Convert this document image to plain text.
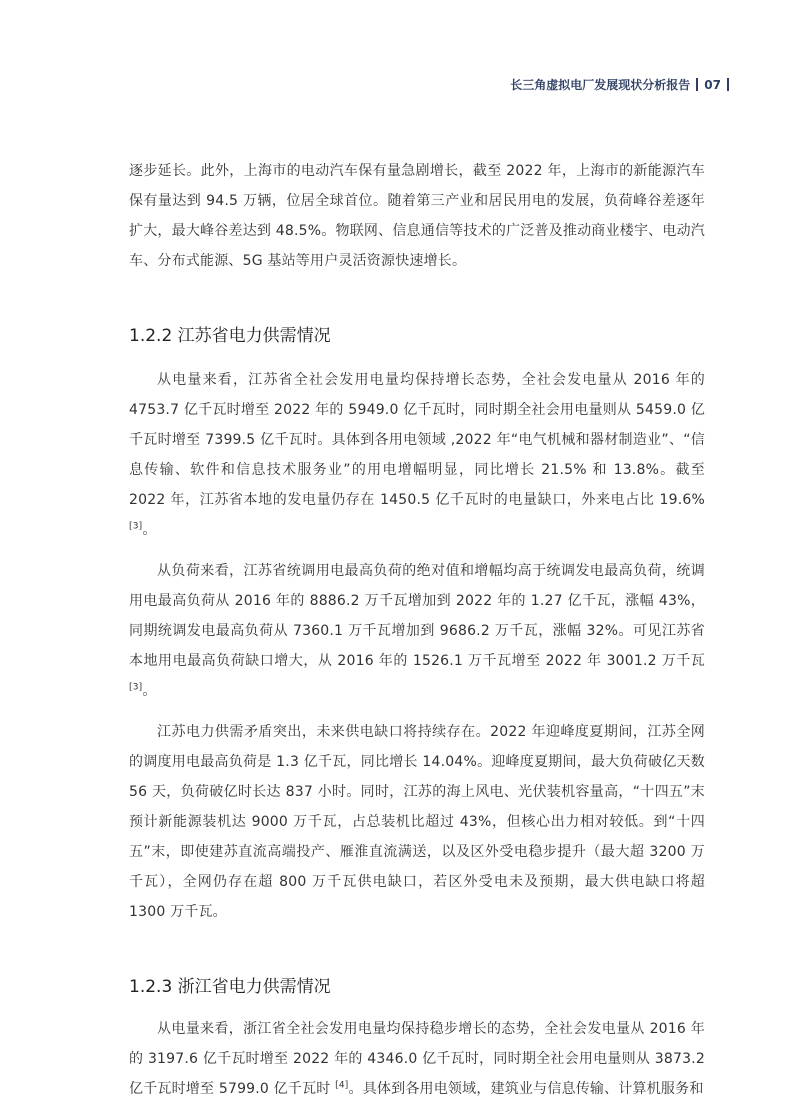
长三角虚拟电厂发展现状分析报告 07

逐步延长。此外，上海市的电动汽车保有量急剧增长，截至 2022 年，上海市的新能源汽车保有量达到 94.5 万辆，位居全球首位。随着第三产业和居民用电的发展，负荷峰谷差逐年扩大，最大峰谷差达到 48.5%。物联网、信息通信等技术的广泛普及推动商业楼宇、电动汽车、分布式能源、5G 基站等用户灵活资源快速增长。

1.2.2 江苏省电力供需情况

从电量来看，江苏省全社会发用电量均保持增长态势，全社会发电量从 2016 年的 4753.7 亿千瓦时增至 2022 年的 5949.0 亿千瓦时，同时期全社会用电量则从 5459.0 亿千瓦时增至 7399.5 亿千瓦时。具体到各用电领域 ,2022 年“电气机械和器材制造业”、“信息传输、软件和信息技术服务业”的用电增幅明显，同比增长 21.5% 和 13.8%。截至 2022 年，江苏省本地的发电量仍存在 1450.5 亿千瓦时的电量缺口，外来电占比 19.6%[3]。

从负荷来看，江苏省统调用电最高负荷的绝对值和增幅均高于统调发电最高负荷，统调用电最高负荷从 2016 年的 8886.2 万千瓦增加到 2022 年的 1.27 亿千瓦，涨幅 43%，同期统调发电最高负荷从 7360.1 万千瓦增加到 9686.2 万千瓦，涨幅 32%。可见江苏省本地用电最高负荷缺口增大，从 2016 年的 1526.1 万千瓦增至 2022 年 3001.2 万千瓦 [3]。

江苏电力供需矛盾突出，未来供电缺口将持续存在。2022 年迎峰度夏期间，江苏全网的调度用电最高负荷是 1.3 亿千瓦，同比增长 14.04%。迎峰度夏期间，最大负荷破亿天数 56 天，负荷破亿时长达 837 小时。同时，江苏的海上风电、光伏装机容量高，“十四五”末预计新能源装机达 9000 万千瓦，占总装机比超过 43%，但核心出力相对较低。到“十四五”末，即使建苏直流高端投产、雁淮直流满送，以及区外受电稳步提升（最大超 3200 万千瓦），全网仍存在超 800 万千瓦供电缺口，若区外受电未及预期，最大供电缺口将超 1300 万千瓦。

1.2.3 浙江省电力供需情况

从电量来看，浙江省全社会发用电量均保持稳步增长的态势，全社会发电量从 2016 年的 3197.6 亿千瓦时增至 2022 年的 4346.0 亿千瓦时，同时期全社会用电量则从 3873.2 亿千瓦时增至 5799.0 亿千瓦时 [4]。具体到各用电领域，建筑业与信息传输、计算机服务和
